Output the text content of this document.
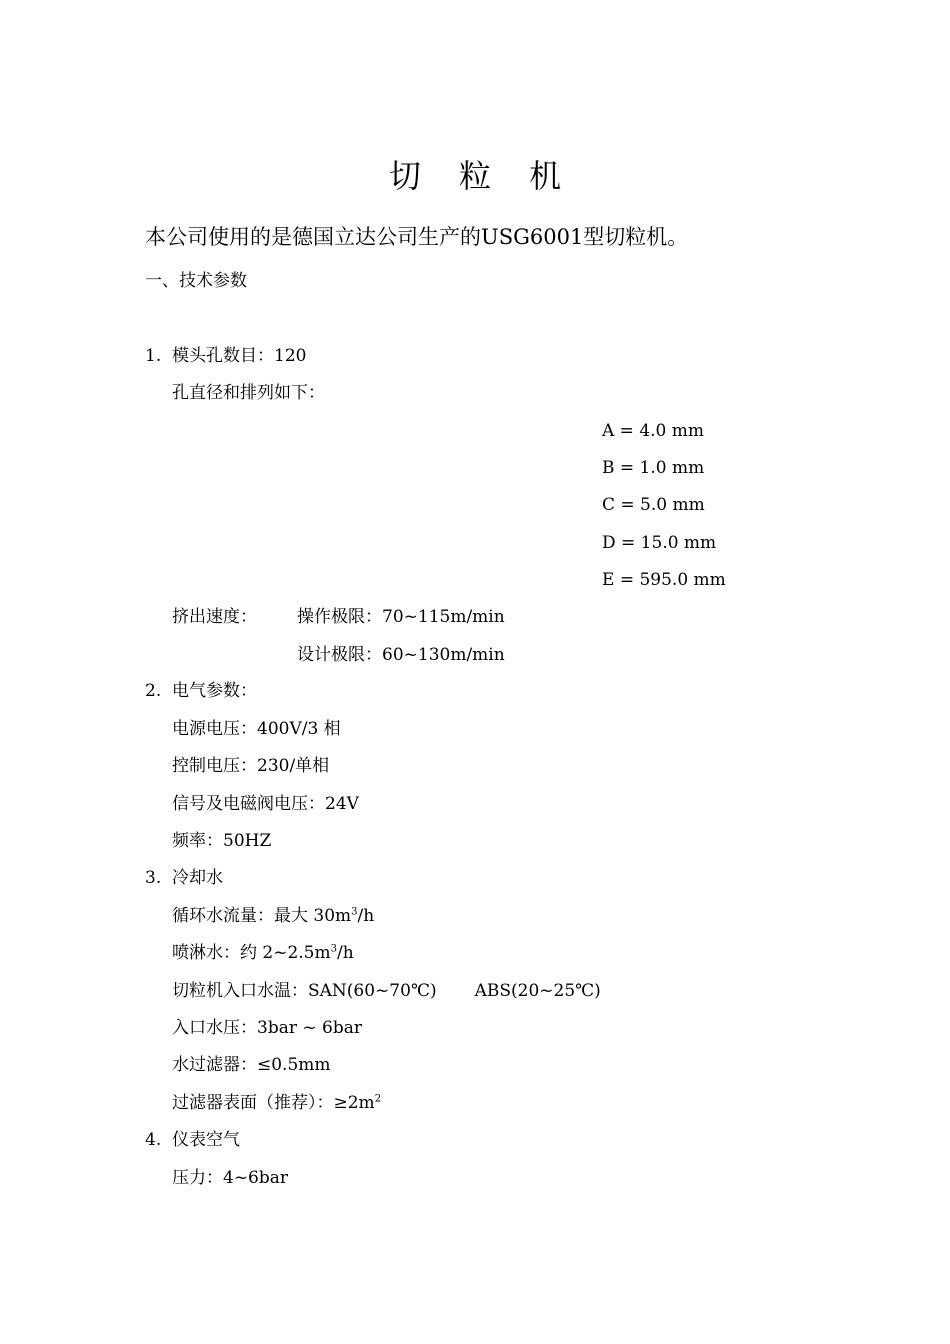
切 粒 机
本公司使用的是德国立达公司生产的USG6001型切粒机。
一、技术参数
1. 模头孔数目：120
孔直径和排列如下：
A = 4.0 mm
B = 1.0 mm
C = 5.0 mm
D = 15.0 mm
E = 595.0 mm
挤出速度： 操作极限：70~115m/min
设计极限：60~130m/min
2. 电气参数：
电源电压：400V/3 相
控制电压：230/单相
信号及电磁阀电压：24V
频率：50HZ
3. 冷却水
循环水流量：最大 $30m^3/h$
喷淋水：约 $2\sim 2.5m^3/h$
切粒机入口水温：SAN(60~70℃) ABS(20~25℃)
入口水压：3bar ~ 6bar
水过滤器：≤0.5mm
过滤器表面（推荐）：$\ge 2m^2$
4. 仪表空气
压力：4~6bar
